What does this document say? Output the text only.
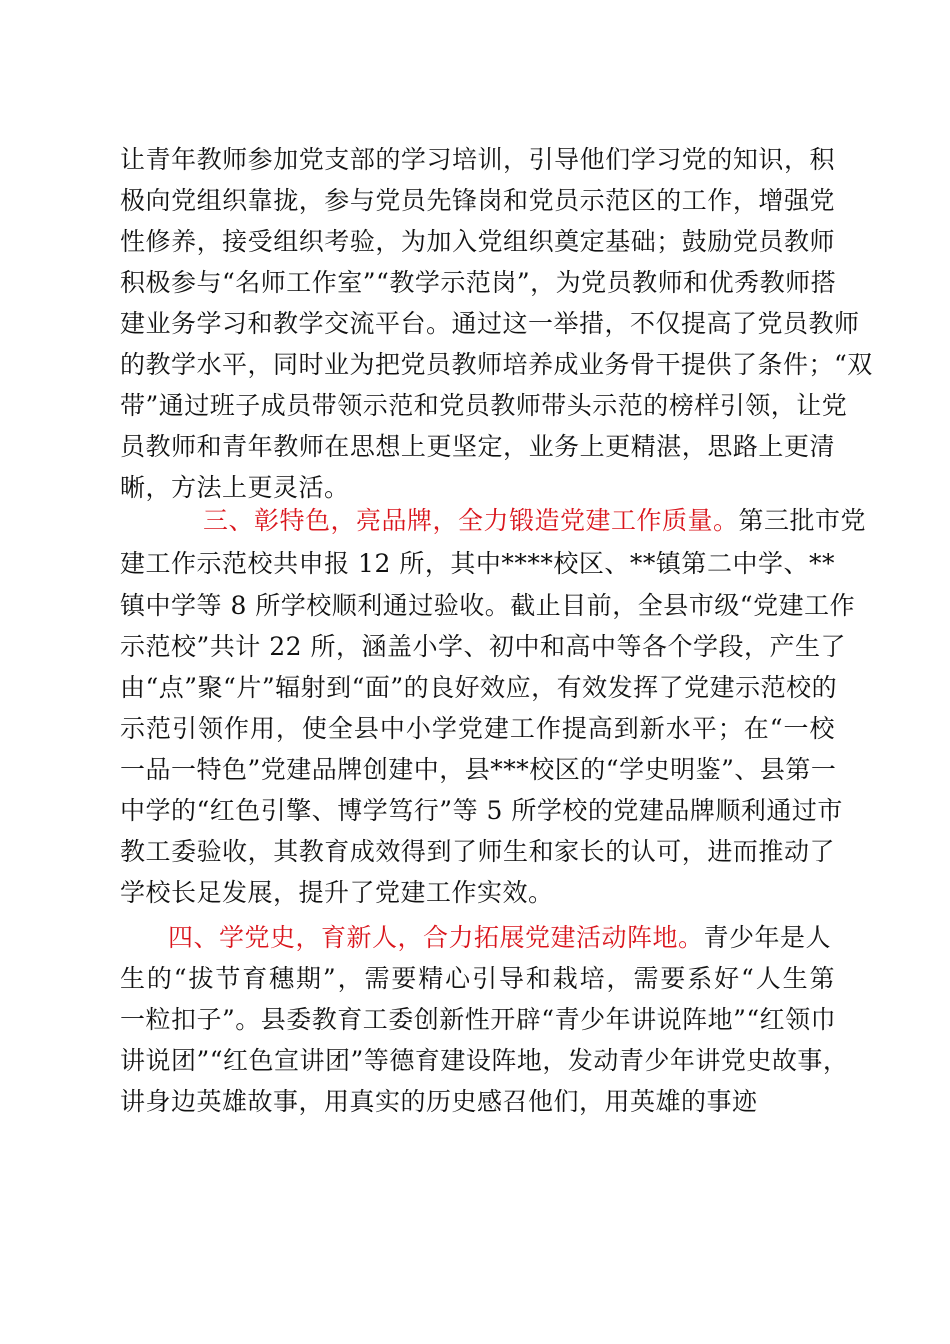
让青年教师参加党支部的学习培训，引导他们学习党的知识，积
极向党组织靠拢，参与党员先锋岗和党员示范区的工作，增强党
性修养，接受组织考验，为加入党组织奠定基础；鼓励党员教师
积极参与“名师工作室”“教学示范岗”，为党员教师和优秀教师搭
建业务学习和教学交流平台。通过这一举措，不仅提高了党员教师
的教学水平，同时业为把党员教师培养成业务骨干提供了条件；“双
带”通过班子成员带领示范和党员教师带头示范的榜样引领，让党
员教师和青年教师在思想上更坚定，业务上更精湛，思路上更清
晰，方法上更灵活。
三、彰特色，亮品牌，全力锻造党建工作质量。第三批市党
建工作示范校共申报 12 所，其中****校区、**镇第二中学、**
镇中学等 8 所学校顺利通过验收。截止目前，全县市级“党建工作
示范校”共计 22 所，涵盖小学、初中和高中等各个学段，产生了
由“点”聚“片”辐射到“面”的良好效应，有效发挥了党建示范校的
示范引领作用，使全县中小学党建工作提高到新水平；在“一校
一品一特色”党建品牌创建中，县***校区的“学史明鉴”、县第一
中学的“红色引擎、博学笃行”等 5 所学校的党建品牌顺利通过市
教工委验收，其教育成效得到了师生和家长的认可，进而推动了
学校长足发展，提升了党建工作实效。
四、学党史，育新人，合力拓展党建活动阵地。青少年是人
生的“拔节育穗期”，需要精心引导和栽培，需要系好“人生第
一粒扣子”。县委教育工委创新性开辟“青少年讲说阵地”“红领巾
讲说团”“红色宣讲团”等德育建设阵地，发动青少年讲党史故事，
讲身边英雄故事，用真实的历史感召他们，用英雄的事迹
